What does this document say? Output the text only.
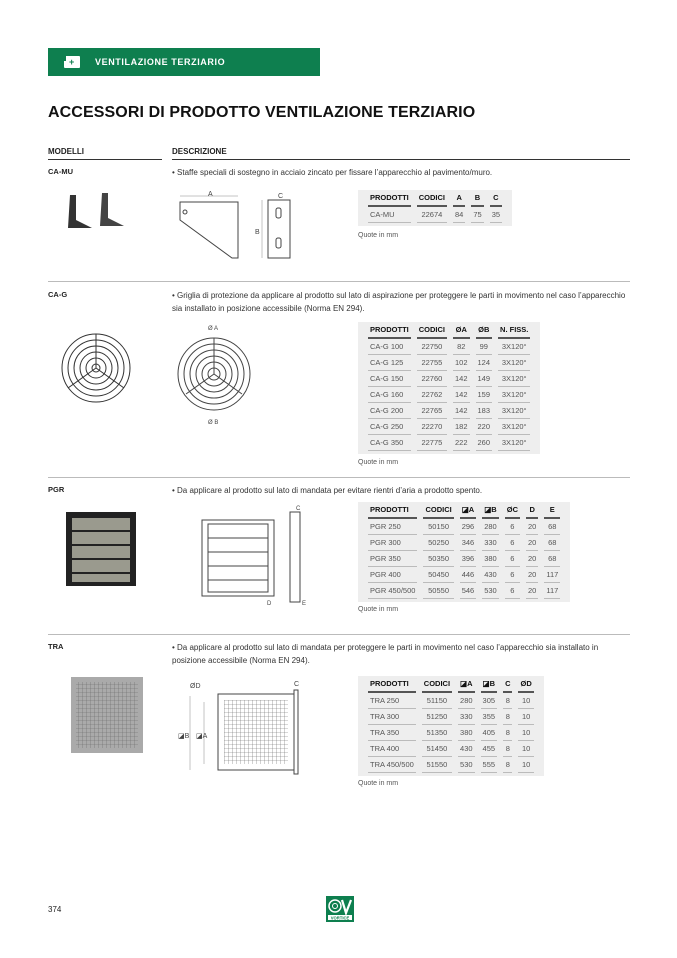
+ VENTILAZIONE TERZIARIO
ACCESSORI DI PRODOTTO VENTILAZIONE TERZIARIO
MODELLI	DESCRIZIONE
CA-MU	• Staffe speciali di sostegno in acciaio zincato per fissare l’apparecchio al pavimento/muro.
A	C
B
PRODOTTI	CODICI	A	B	C
CA-MU	22674	84	75	35
Quote in mm
CA-G	• Griglia di protezione da applicare al prodotto sul lato di aspirazione per proteggere le parti in movimento nel caso l’apparecchio sia installato in posizione accessibile (Norma EN 294).
Ø A
Ø B
PRODOTTI	CODICI	ØA	ØB	N. FISS.
CA-G 100	22750	82	99	3X120°
CA-G 125	22755	102	124	3X120°
CA-G 150	22760	142	149	3X120°
CA-G 160	22762	142	159	3X120°
CA-G 200	22765	142	183	3X120°
CA-G 250	22270	182	220	3X120°
CA-G 350	22775	222	260	3X120°
Quote in mm
PGR	• Da applicare al prodotto sul lato di mandata per evitare rientri d’aria a prodotto spento.
C
D	E
PRODOTTI	CODICI	◪A	◪B	ØC	D	E
PGR 250	50150	296	280	6	20	68
PGR 300	50250	346	330	6	20	68
PGR 350	50350	396	380	6	20	68
PGR 400	50450	446	430	6	20	117
PGR 450/500	50550	546	530	6	20	117
Quote in mm
TRA	• Da applicare al prodotto sul lato di mandata per proteggere le parti in movimento nel caso l’apparecchio sia installato in posizione accessibile (Norma EN 294).
ØD	C
◪B ◪A
PRODOTTI	CODICI	◪A	◪B	C	ØD
TRA 250	51150	280	305	8	10
TRA 300	51250	330	355	8	10
TRA 350	51350	380	405	8	10
TRA 400	51450	430	455	8	10
TRA 450/500	51550	530	555	8	10
Quote in mm
374
VORTICE
